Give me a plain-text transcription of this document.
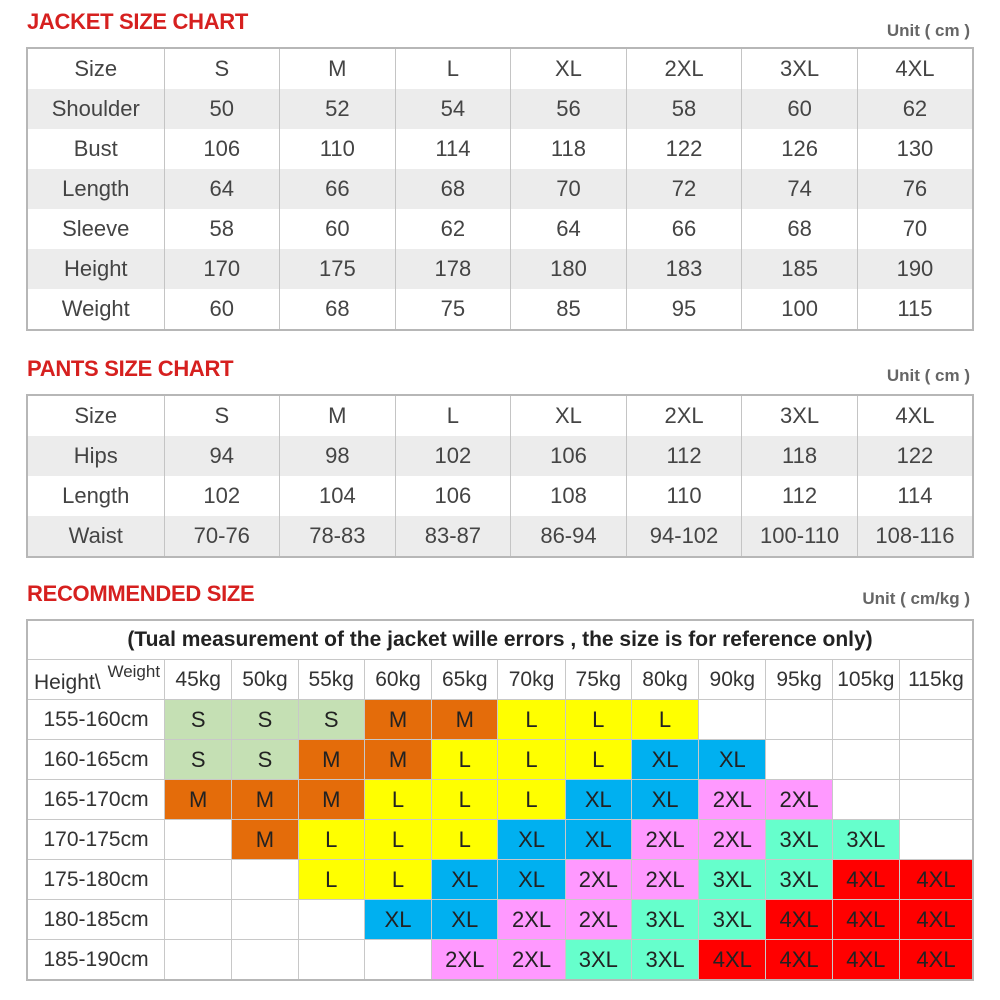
JACKET SIZE CHART	Unit ( cm )
Size	S	M	L	XL	2XL	3XL	4XL
Shoulder	50	52	54	56	58	60	62
Bust	106	110	114	118	122	126	130
Length	64	66	68	70	72	74	76
Sleeve	58	60	62	64	66	68	70
Height	170	175	178	180	183	185	190
Weight	60	68	75	85	95	100	115
PANTS SIZE CHART	Unit ( cm )
Size	S	M	L	XL	2XL	3XL	4XL
Hips	94	98	102	106	112	118	122
Length	102	104	106	108	110	112	114
Waist	70-76	78-83	83-87	86-94	94-102	100-110	108-116
RECOMMENDED SIZE	Unit ( cm/kg )
(Tual measurement of the jacket wille errors , the size is for reference only)												

Height\ Weight	45kg	50kg	55kg	60kg	65kg	70kg	75kg	80kg	90kg	95kg	105kg	115kg
155-160cm	S	S	S	M	M	L	L	L				
160-165cm	S	S	M	M	L	L	L	XL	XL			
165-170cm	M	M	M	L	L	L	XL	XL	2XL	2XL		
170-175cm		M	L	L	L	XL	XL	2XL	2XL	3XL	3XL	
175-180cm			L	L	XL	XL	2XL	2XL	3XL	3XL	4XL	4XL
180-185cm				XL	XL	2XL	2XL	3XL	3XL	4XL	4XL	4XL
185-190cm					2XL	2XL	3XL	3XL	4XL	4XL	4XL	4XL
